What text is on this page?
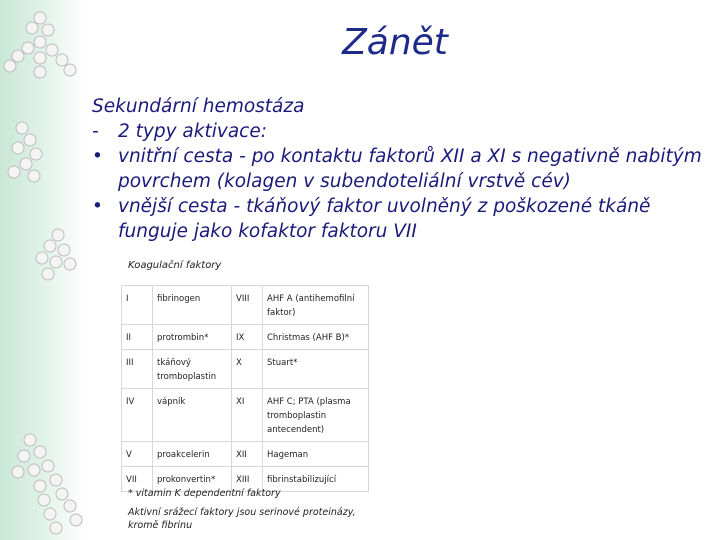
Zánět

Sekundární hemostáza

-	2 typy aktivace:
• vnitřní cesta - po kontaktu faktorů XII a XI s negativně nabitým povrchem (kolagen v subendoteliální vrstvě cév)
• vnější cesta - tkáňový faktor uvolněný z poškozené tkáně funguje jako kofaktor faktoru VII
Koagulační faktory
I	fibrinogen	VIII	AHF A (antihemofilní faktor)
II	protrombin*	IX	Christmas (AHF B)*
III	tkáňový tromboplastin	X	Stuart*
IV	vápník	XI	AHF C; PTA (plasma tromboplastin antecendent)
V	proakcelerin	XII	Hageman
VII	prokonvertin*	XIII	fibrinstabilizující
* vitamin K dependentní faktory
Aktivní srážecí faktory jsou serinové proteinázy, kromě fibrinu
